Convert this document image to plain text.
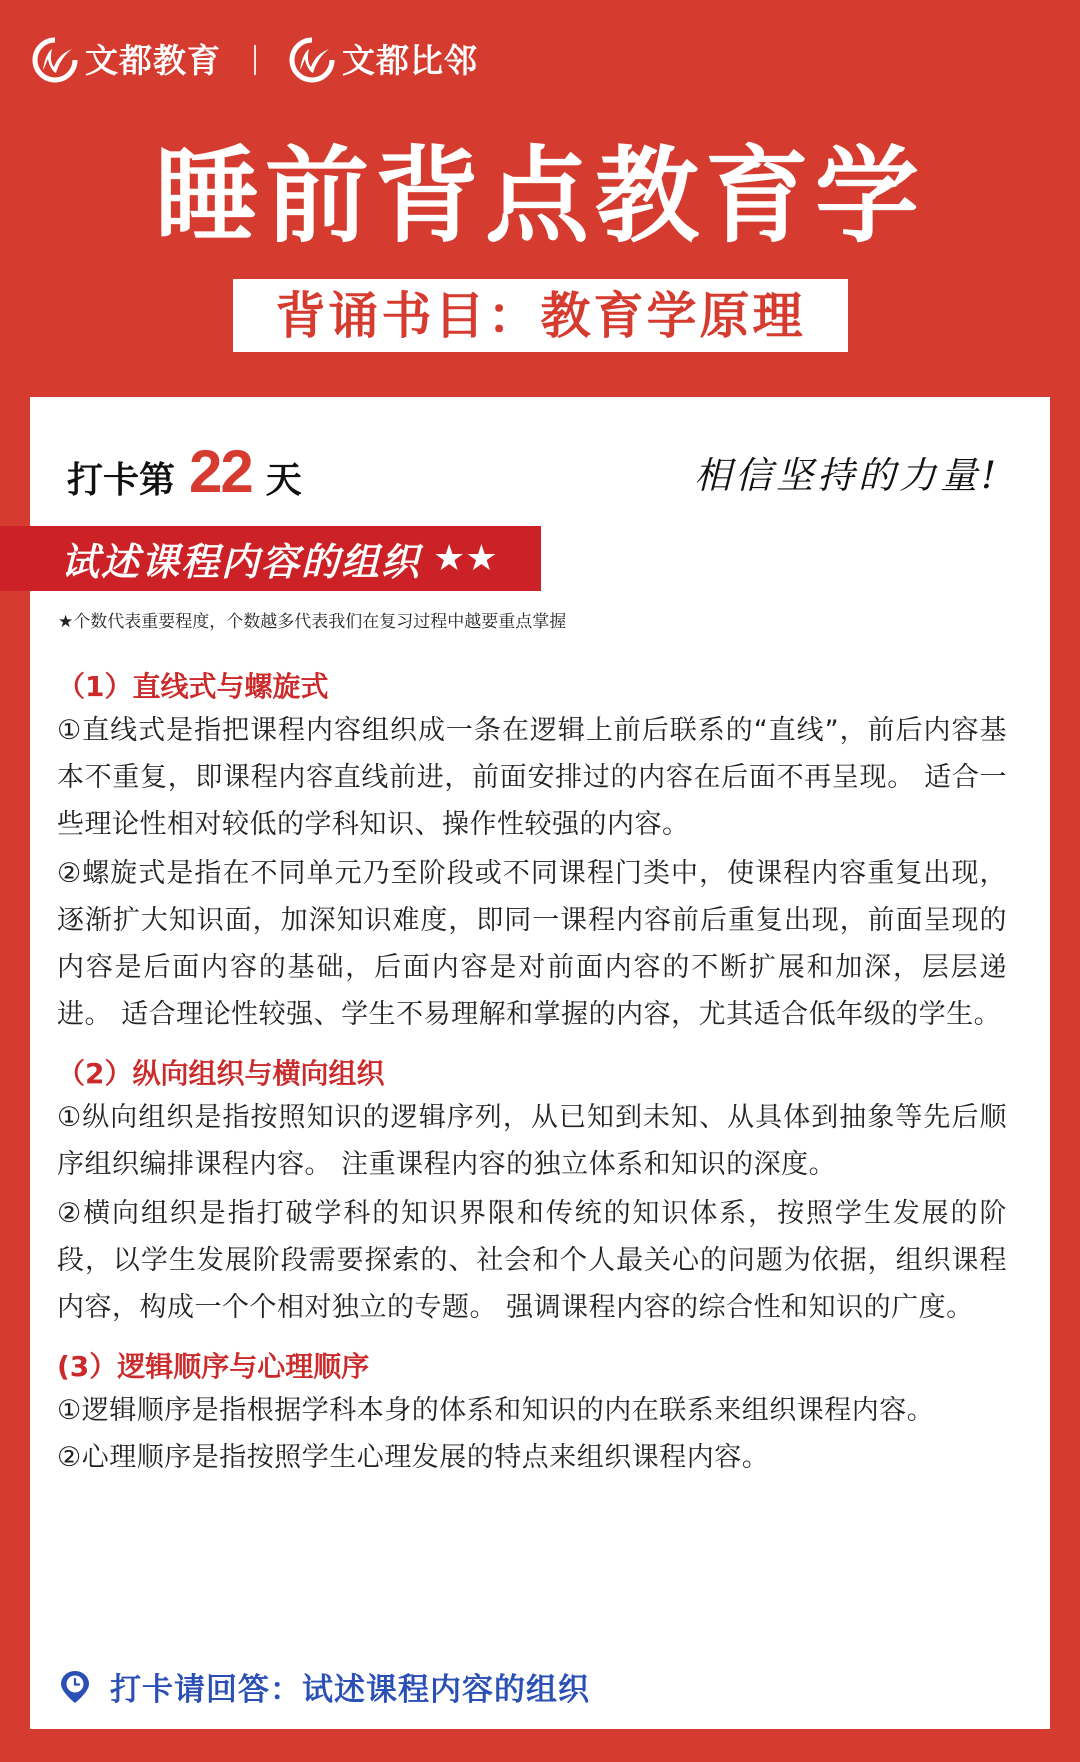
文都教育	文都比邻
睡前背点教育学
背诵书目：教育学原理
打卡第 22 天	相信坚持的力量!
★个数代表重要程度，个数越多代表我们在复习过程中越要重点掌握
（1）直线式与螺旋式
①直线式是指把课程内容组织成一条在逻辑上前后联系的“直线”，前后内容基本不重复，即课程内容直线前进，前面安排过的内容在后面不再呈现。 适合一些理论性相对较低的学科知识、操作性较强的内容。
②螺旋式是指在不同单元乃至阶段或不同课程门类中，使课程内容重复出现，逐渐扩大知识面，加深知识难度，即同一课程内容前后重复出现，前面呈现的内容是后面内容的基础，后面内容是对前面内容的不断扩展和加深，层层递进。 适合理论性较强、学生不易理解和掌握的内容，尤其适合低年级的学生。
（2）纵向组织与横向组织
①纵向组织是指按照知识的逻辑序列，从已知到未知、从具体到抽象等先后顺序组织编排课程内容。 注重课程内容的独立体系和知识的深度。
②横向组织是指打破学科的知识界限和传统的知识体系，按照学生发展的阶段，以学生发展阶段需要探索的、社会和个人最关心的问题为依据，组织课程内容，构成一个个相对独立的专题。 强调课程内容的综合性和知识的广度。
(3）逻辑顺序与心理顺序
①逻辑顺序是指根据学科本身的体系和知识的内在联系来组织课程内容。
②心理顺序是指按照学生心理发展的特点来组织课程内容。
打卡请回答：试述课程内容的组织
试述课程内容的组织 ★★
